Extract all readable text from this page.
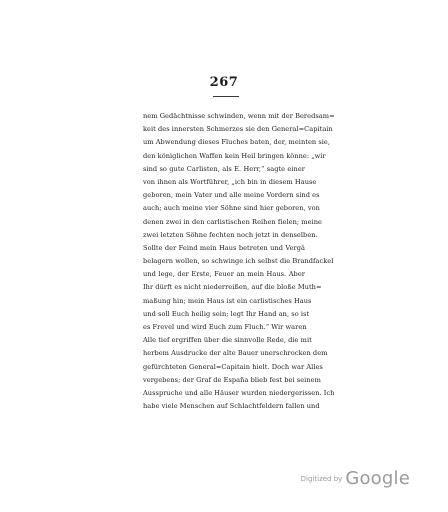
267
nem Gedächtnisse schwinden, wenn mit der Beredsam=
keit des innersten Schmerzes sie den General=Capitain
um Abwendung dieses Fluches baten, der, meinten sie,
den königlichen Waffen kein Heil bringen könne: „wir
sind so gute Carlisten, als E. Herr,“ sagte einer
von ihnen als Wortführer, „ich bin in diesem Hause
geboren, mein Vater und alle meine Vordern sind es
auch; auch meine vier Söhne sind hier geboren, von
denen zwei in den carlistischen Reihen fielen; meine
zwei letzten Söhne fechten noch jetzt in denselben.
Sollte der Feind mein Haus betreten und Vergâ
belagern wollen, so schwinge ich selbst die Brandfackel
und lege, der Erste, Feuer an mein Haus. Aber
Ihr dürft es nicht niederreißen, auf die bloße Muth=
maßung hin; mein Haus ist ein carlistisches Haus
und soll Euch heilig sein; legt Ihr Hand an, so ist
es Frevel und wird Euch zum Fluch.“ Wir waren
Alle tief ergriffen über die sinnvolle Rede, die mit
herbem Ausdrucke der alte Bauer unerschrocken dem
gefürchteten General=Capitain hielt. Doch war Alles
vergebens; der Graf de España blieb fest bei seinem
Ausspruche und alle Häuser wurden niedergerissen. Ich
habe viele Menschen auf Schlachtfeldern fallen und
Digitized by Google
